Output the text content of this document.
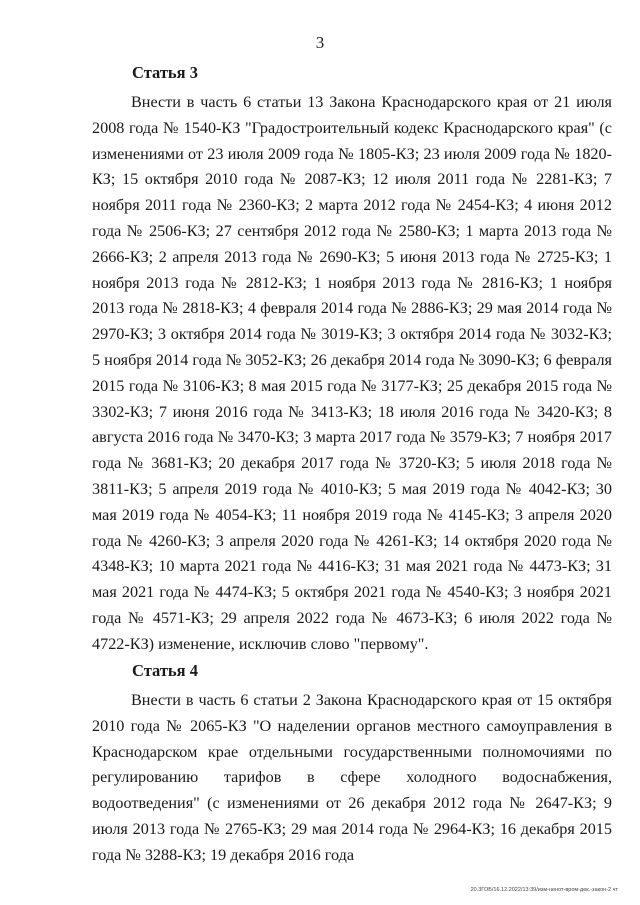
3
Статья 3

Внести в часть 6 статьи 13 Закона Краснодарского края от 21 июля 2008 года № 1540-КЗ "Градостроительный кодекс Краснодарского края" (с изменениями от 23 июля 2009 года № 1805-КЗ; 23 июля 2009 года № 1820-КЗ; 15 октября 2010 года № 2087-КЗ; 12 июля 2011 года № 2281-КЗ; 7 ноября 2011 года № 2360-КЗ; 2 марта 2012 года № 2454-КЗ; 4 июня 2012 года № 2506-КЗ; 27 сентября 2012 года № 2580-КЗ; 1 марта 2013 года № 2666-КЗ; 2 апреля 2013 года № 2690-КЗ; 5 июня 2013 года № 2725-КЗ; 1 ноября 2013 года № 2812-КЗ; 1 ноября 2013 года № 2816-КЗ; 1 ноября 2013 года № 2818-КЗ; 4 февраля 2014 года № 2886-КЗ; 29 мая 2014 года № 2970-КЗ; 3 октября 2014 года № 3019-КЗ; 3 октября 2014 года № 3032-КЗ; 5 ноября 2014 года № 3052-КЗ; 26 декабря 2014 года № 3090-КЗ; 6 февраля 2015 года № 3106-КЗ; 8 мая 2015 года № 3177-КЗ; 25 декабря 2015 года № 3302-КЗ; 7 июня 2016 года № 3413-КЗ; 18 июля 2016 года № 3420-КЗ; 8 августа 2016 года № 3470-КЗ; 3 марта 2017 года № 3579-КЗ; 7 ноября 2017 года № 3681-КЗ; 20 декабря 2017 года № 3720-КЗ; 5 июля 2018 года № 3811-КЗ; 5 апреля 2019 года № 4010-КЗ; 5 мая 2019 года № 4042-КЗ; 30 мая 2019 года № 4054-КЗ; 11 ноября 2019 года № 4145-КЗ; 3 апреля 2020 года № 4260-КЗ; 3 апреля 2020 года № 4261-КЗ; 14 октября 2020 года № 4348-КЗ; 10 марта 2021 года № 4416-КЗ; 31 мая 2021 года № 4473-КЗ; 31 мая 2021 года № 4474-КЗ; 5 октября 2021 года № 4540-КЗ; 3 ноября 2021 года № 4571-КЗ; 29 апреля 2022 года № 4673-КЗ; 6 июля 2022 года № 4722-КЗ) изменение, исключив слово "первому".

Статья 4

Внести в часть 6 статьи 2 Закона Краснодарского края от 15 октября 2010 года № 2065-КЗ "О наделении органов местного самоуправления в Краснодарском крае отдельными государственными полномочиями по регулированию тарифов в сфере холодного водоснабжения, водоотведения" (с изменениями от 26 декабря 2012 года № 2647-КЗ; 9 июля 2013 года № 2765-КЗ; 29 мая 2014 года № 2964-КЗ; 16 декабря 2015 года № 3288-КЗ; 19 декабря 2016 года

20.3ГОБ/16.12.2022/13:39/изм-ненот-вром-дек.-закон-2 чт
